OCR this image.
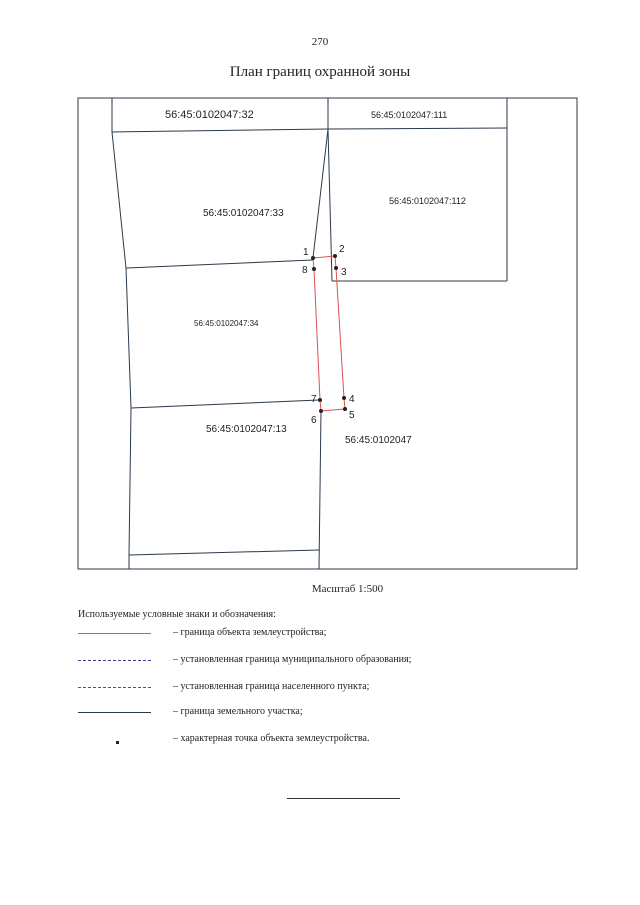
270
План границ охранной зоны
1	2
3
4
5
6
7
8
56:45:0102047:32	56:45:0102047:111
56:45:0102047:33
56:45:0102047:112
56:45:0102047:34
56:45:0102047:13
56:45:0102047
Масштаб 1:500
Используемые условные знаки и обозначения:
– граница объекта землеустройства;
– установленная граница муниципального образования;
– установленная граница населенного пункта;
– граница земельного участка;
– характерная точка объекта землеустройства.
